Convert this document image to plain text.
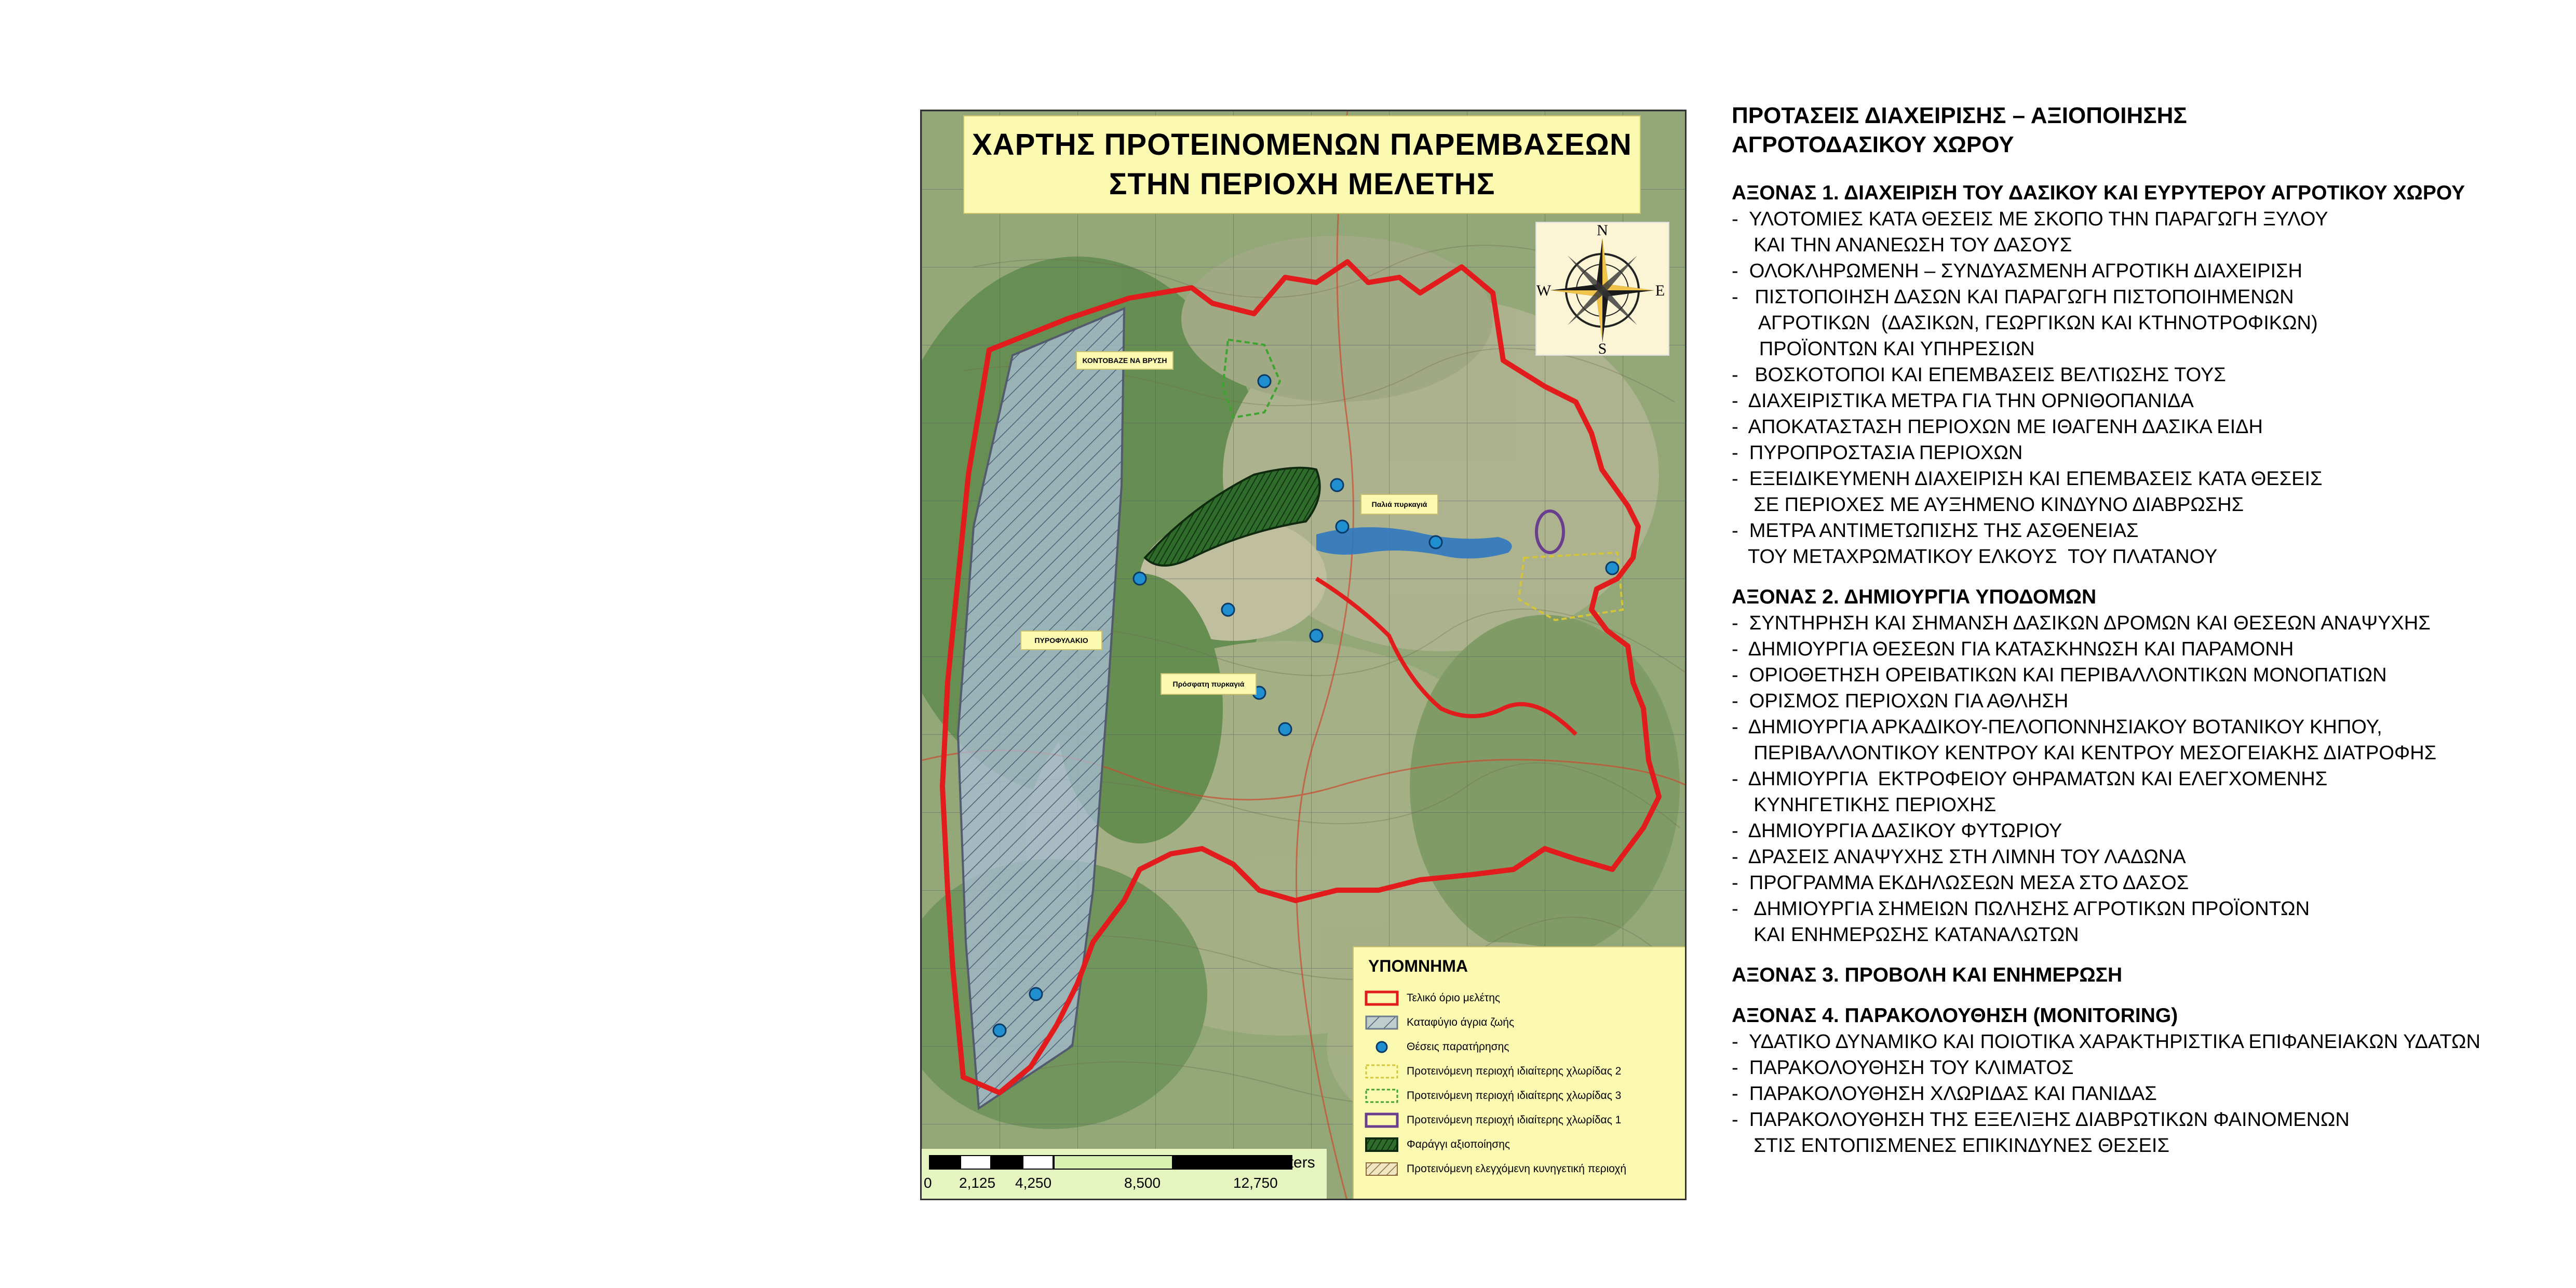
ΧΑΡΤΗΣ ΠΡΟΤΕΙΝΟΜΕΝΩΝ ΠΑΡΕΜΒΑΣΕΩΝ
ΣΤΗΝ ΠΕΡΙΟΧΗ ΜΕΛΕΤΗΣ
N
S
E
W
ΚΟΝΤΟΒΑΖΕ ΝΑ ΒΡΥΣΗ
Παλιά πυρκαγιά
ΠΥΡΟΦΥΛΑΚΙΟ
Πρόσφατη πυρκαγιά
ΥΠΟΜΝΗΜΑ
Τελικό όριο μελέτης
Καταφύγιο άγρια ζωής
Θέσεις παρατήρησης
Προτεινόμενη περιοχή ιδιαίτερης χλωρίδας 2
Προτεινόμενη περιοχή ιδιαίτερης χλωρίδας 3
Προτεινόμενη περιοχή ιδιαίτερης χλωρίδας 1
Φαράγγι αξιοποίησης
Προτεινόμενη ελεγχόμενη κυνηγετική περιοχή
Meters
0 2,125 4,250	8,500	12,750
ΠΡΟΤΑΣΕΙΣ ΔΙΑΧΕΙΡΙΣΗΣ – ΑΞΙΟΠΟΙΗΣΗΣ
ΑΓΡΟΤΟΔΑΣΙΚΟΥ ΧΩΡΟΥ
ΑΞΟΝΑΣ 1. ΔΙΑΧΕΙΡΙΣΗ ΤΟΥ ΔΑΣΙΚΟΥ ΚΑΙ ΕΥΡΥΤΕΡΟΥ ΑΓΡΟΤΙΚΟΥ ΧΩΡΟΥ
-  ΥΛΟΤΟΜΙΕΣ ΚΑΤΑ ΘΕΣΕΙΣ ΜΕ ΣΚΟΠΟ ΤΗΝ ΠΑΡΑΓΩΓΗ ΞΥΛΟΥ
ΚΑΙ ΤΗΝ ΑΝΑΝΕΩΣΗ ΤΟΥ ΔΑΣΟΥΣ
-  ΟΛΟΚΛΗΡΩΜΕΝΗ – ΣΥΝΔΥΑΣΜΕΝΗ ΑΓΡΟΤΙΚΗ ΔΙΑΧΕΙΡΙΣΗ
-   ΠΙΣΤΟΠΟΙΗΣΗ ΔΑΣΩΝ ΚΑΙ ΠΑΡΑΓΩΓΗ ΠΙΣΤΟΠΟΙΗΜΕΝΩΝ
ΑΓΡΟΤΙΚΩΝ  (ΔΑΣΙΚΩΝ, ΓΕΩΡΓΙΚΩΝ ΚΑΙ ΚΤΗΝΟΤΡΟΦΙΚΩΝ)
ΠΡΟΪΟΝΤΩΝ ΚΑΙ ΥΠΗΡΕΣΙΩΝ
-   ΒΟΣΚΟΤΟΠΟΙ ΚΑΙ ΕΠΕΜΒΑΣΕΙΣ ΒΕΛΤΙΩΣΗΣ ΤΟΥΣ
-  ΔΙΑΧΕΙΡΙΣΤΙΚΑ ΜΕΤΡΑ ΓΙΑ ΤΗΝ ΟΡΝΙΘΟΠΑΝΙΔΑ
-  ΑΠΟΚΑΤΑΣΤΑΣΗ ΠΕΡΙΟΧΩΝ ΜΕ ΙΘΑΓΕΝΗ ΔΑΣΙΚΑ ΕΙΔΗ
-  ΠΥΡΟΠΡΟΣΤΑΣΙΑ ΠΕΡΙΟΧΩΝ
-  ΕΞΕΙΔΙΚΕΥΜΕΝΗ ΔΙΑΧΕΙΡΙΣΗ ΚΑΙ ΕΠΕΜΒΑΣΕΙΣ ΚΑΤΑ ΘΕΣΕΙΣ
ΣΕ ΠΕΡΙΟΧΕΣ ΜΕ ΑΥΞΗΜΕΝΟ ΚΙΝΔΥΝΟ ΔΙΑΒΡΩΣΗΣ
-  ΜΕΤΡΑ ΑΝΤΙΜΕΤΩΠΙΣΗΣ ΤΗΣ ΑΣΘΕΝΕΙΑΣ
ΤΟΥ ΜΕΤΑΧΡΩΜΑΤΙΚΟΥ ΕΛΚΟΥΣ  ΤΟΥ ΠΛΑΤΑΝΟΥ
ΑΞΟΝΑΣ 2. ΔΗΜΙΟΥΡΓΙΑ ΥΠΟΔΟΜΩΝ
-  ΣΥΝΤΗΡΗΣΗ ΚΑΙ ΣΗΜΑΝΣΗ ΔΑΣΙΚΩΝ ΔΡΟΜΩΝ ΚΑΙ ΘΕΣΕΩΝ ΑΝΑΨΥΧΗΣ
-  ΔΗΜΙΟΥΡΓΙΑ ΘΕΣΕΩΝ ΓΙΑ ΚΑΤΑΣΚΗΝΩΣΗ ΚΑΙ ΠΑΡΑΜΟΝΗ
-  ΟΡΙΟΘΕΤΗΣΗ ΟΡΕΙΒΑΤΙΚΩΝ ΚΑΙ ΠΕΡΙΒΑΛΛΟΝΤΙΚΩΝ ΜΟΝΟΠΑΤΙΩΝ
-  ΟΡΙΣΜΟΣ ΠΕΡΙΟΧΩΝ ΓΙΑ ΑΘΛΗΣΗ
-  ΔΗΜΙΟΥΡΓΙΑ ΑΡΚΑΔΙΚΟΥ-ΠΕΛΟΠΟΝΝΗΣΙΑΚΟΥ ΒΟΤΑΝΙΚΟΥ ΚΗΠΟΥ,
ΠΕΡΙΒΑΛΛΟΝΤΙΚΟΥ ΚΕΝΤΡΟΥ ΚΑΙ ΚΕΝΤΡΟΥ ΜΕΣΟΓΕΙΑΚΗΣ ΔΙΑΤΡΟΦΗΣ
-  ΔΗΜΙΟΥΡΓΙΑ  ΕΚΤΡΟΦΕΙΟΥ ΘΗΡΑΜΑΤΩΝ ΚΑΙ ΕΛΕΓΧΟΜΕΝΗΣ
ΚΥΝΗΓΕΤΙΚΗΣ ΠΕΡΙΟΧΗΣ
-  ΔΗΜΙΟΥΡΓΙΑ ΔΑΣΙΚΟΥ ΦΥΤΩΡΙΟΥ
-  ΔΡΑΣΕΙΣ ΑΝΑΨΥΧΗΣ ΣΤΗ ΛΙΜΝΗ ΤΟΥ ΛΑΔΩΝΑ
-  ΠΡΟΓΡΑΜΜΑ ΕΚΔΗΛΩΣΕΩΝ ΜΕΣΑ ΣΤΟ ΔΑΣΟΣ
-   ΔΗΜΙΟΥΡΓΙΑ ΣΗΜΕΙΩΝ ΠΩΛΗΣΗΣ ΑΓΡΟΤΙΚΩΝ ΠΡΟΪΟΝΤΩΝ
ΚΑΙ ΕΝΗΜΕΡΩΣΗΣ ΚΑΤΑΝΑΛΩΤΩΝ
ΑΞΟΝΑΣ 3. ΠΡΟΒΟΛΗ ΚΑΙ ΕΝΗΜΕΡΩΣΗ
ΑΞΟΝΑΣ 4. ΠΑΡΑΚΟΛΟΥΘΗΣΗ (MONITORING)
-  ΥΔΑΤΙΚΟ ΔΥΝΑΜΙΚΟ ΚΑΙ ΠΟΙΟΤΙΚΑ ΧΑΡΑΚΤΗΡΙΣΤΙΚΑ ΕΠΙΦΑΝΕΙΑΚΩΝ ΥΔΑΤΩΝ
-  ΠΑΡΑΚΟΛΟΥΘΗΣΗ ΤΟΥ ΚΛΙΜΑΤΟΣ
-  ΠΑΡΑΚΟΛΟΥΘΗΣΗ ΧΛΩΡΙΔΑΣ ΚΑΙ ΠΑΝΙΔΑΣ
-  ΠΑΡΑΚΟΛΟΥΘΗΣΗ ΤΗΣ ΕΞΕΛΙΞΗΣ ΔΙΑΒΡΩΤΙΚΩΝ ΦΑΙΝΟΜΕΝΩΝ
ΣΤΙΣ ΕΝΤΟΠΙΣΜΕΝΕΣ ΕΠΙΚΙΝΔΥΝΕΣ ΘΕΣΕΙΣ
